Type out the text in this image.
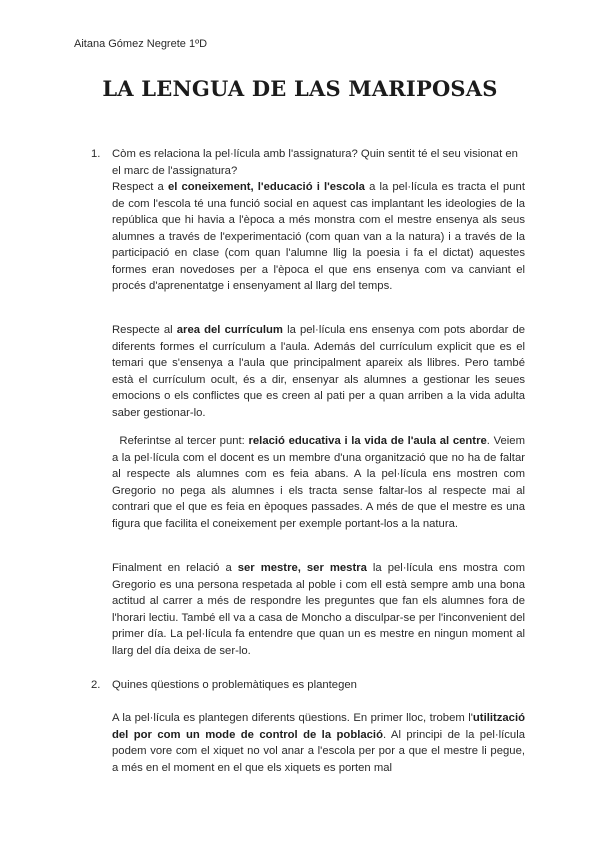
Aitana Gómez Negrete 1ºD
LA LENGUA DE LAS MARIPOSAS
1. Còm es relaciona la pel·lícula amb l'assignatura? Quin sentit té el seu visionat en el marc de l'assignatura?

Respect a el coneixement, l'educació i l'escola a la pel·lícula es tracta el punt de com l'escola té una funció social en aquest cas implantant les ideologies de la república que hi havia a l'època a més monstra com el mestre ensenya als seus alumnes a través de l'experimentació (com quan van a la natura) i a través de la participació en clase (com quan l'alumne llig la poesia i fa el dictat) aquestes formes eran novedoses per a l'època el que ens ensenya com va canviant el procés d'aprenentatge i ensenyament al llarg del temps.

Respecte al area del currículum la pel·lícula ens ensenya com pots abordar de diferents formes el currículum a l'aula. Además del currículum explicit que es el temari que s'ensenya a l'aula que principalment apareix als llibres. Pero també està el currículum ocult, és a dir, ensenyar als alumnes a gestionar les seues emocions o els conflictes que es creen al pati per a quan arriben a la vida adulta saber gestionar-lo.

Referintse al tercer punt: relació educativa i la vida de l'aula al centre. Veiem a la pel·lícula com el docent es un membre d'una organització que no ha de faltar al respecte als alumnes com es feia abans. A la pel·lícula ens mostren com Gregorio no pega als alumnes i els tracta sense faltar-los al respecte mai al contrari que el que es feia en èpoques passades. A més de que el mestre es una figura que facilita el coneixement per exemple portant-los a la natura.

Finalment en relació a ser mestre, ser mestra la pel·lícula ens mostra com Gregorio es una persona respetada al poble i com ell està sempre amb una bona actitud al carrer a més de respondre les preguntes que fan els alumnes fora de l'horari lectiu. També ell va a casa de Moncho a disculpar-se per l'inconvenient del primer día. La pel·lícula fa entendre que quan un es mestre en ningun moment al llarg del día deixa de ser-lo.

2. Quines qüestions o problemàtiques es plantegen

A la pel·lícula es plantegen diferents qüestions. En primer lloc, trobem l'utilització del por com un mode de control de la població. Al principi de la pel·lícula podem vore com el xiquet no vol anar a l'escola per por a que el mestre li pegue, a més en el moment en el que els xiquets es porten mal
